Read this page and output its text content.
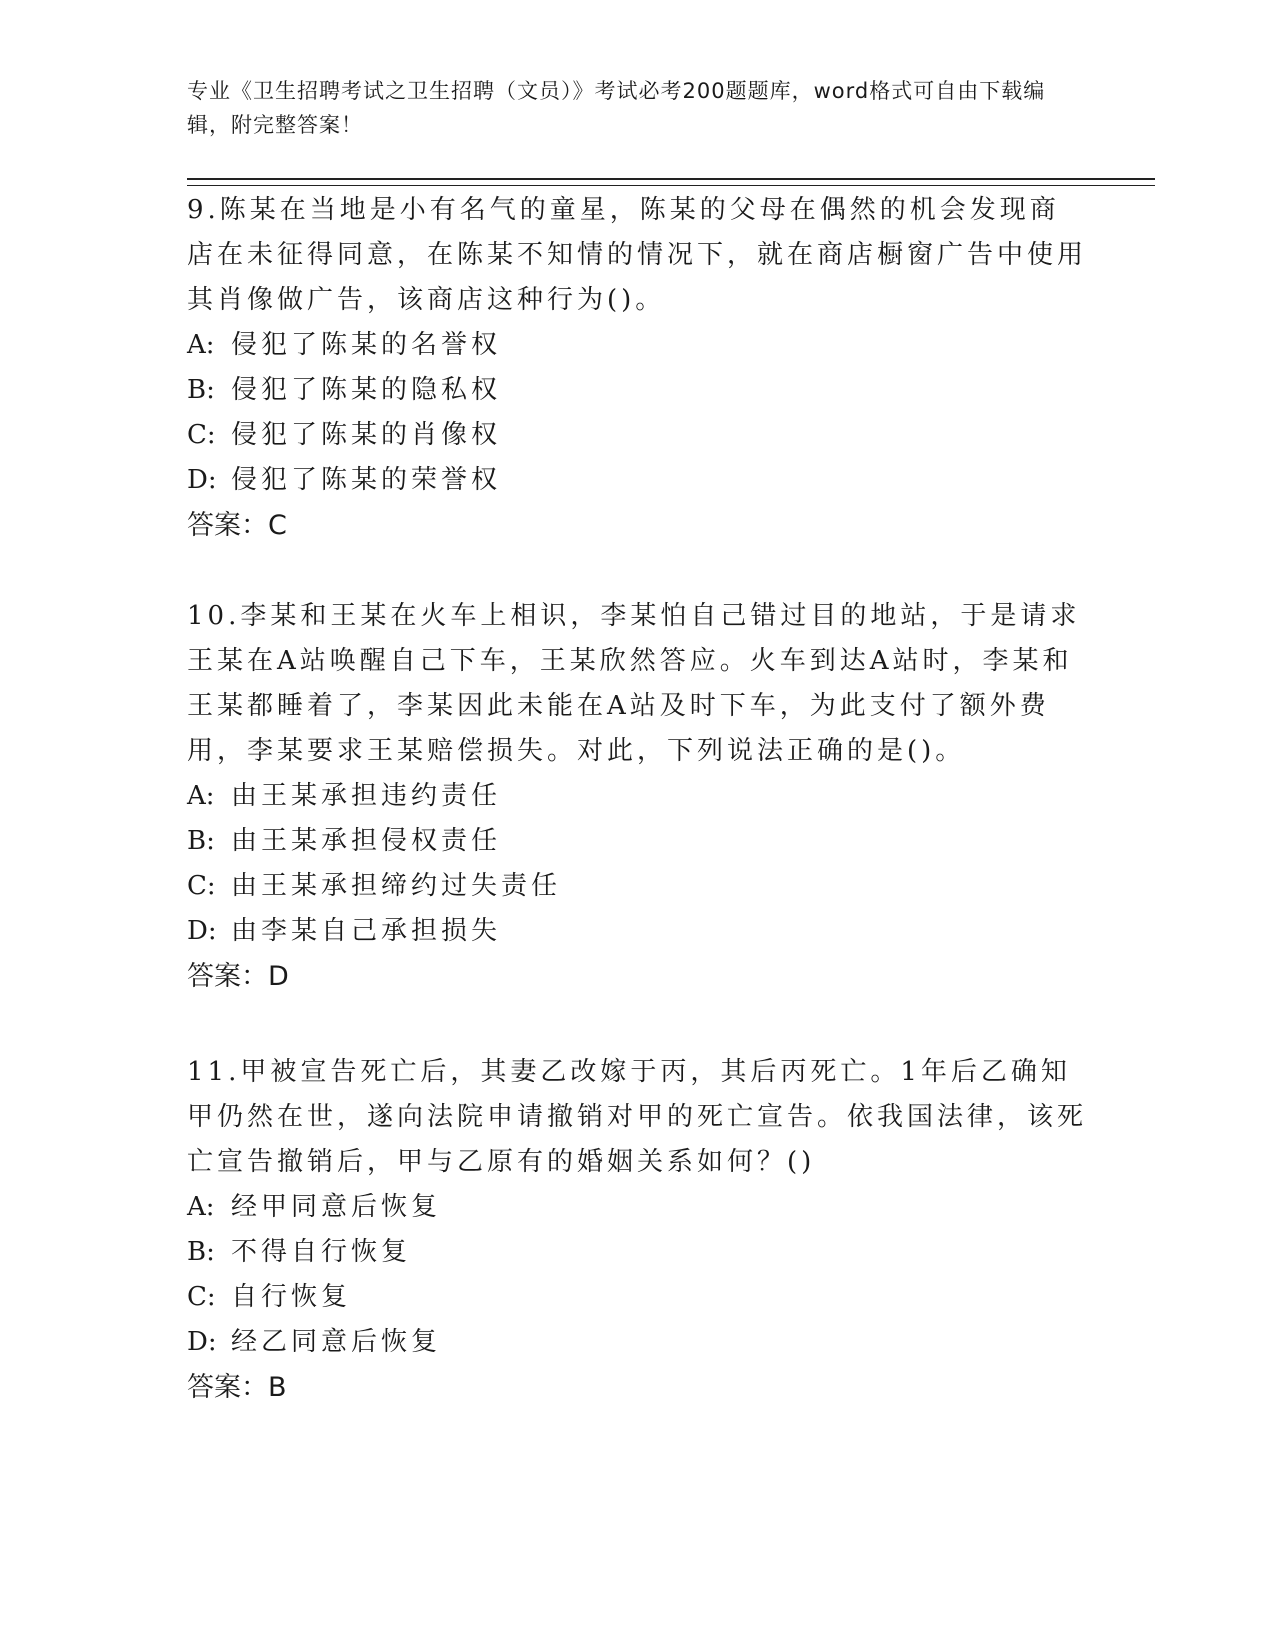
专业《卫生招聘考试之卫生招聘（文员）》考试必考200题题库，word格式可自由下载编辑，附完整答案！

9.陈某在当地是小有名气的童星，陈某的父母在偶然的机会发现商店在未征得同意，在陈某不知情的情况下，就在商店橱窗广告中使用其肖像做广告，该商店这种行为()。

A: 侵犯了陈某的名誉权

B: 侵犯了陈某的隐私权

C: 侵犯了陈某的肖像权

D: 侵犯了陈某的荣誉权

答案：C

10.李某和王某在火车上相识，李某怕自己错过目的地站，于是请求王某在A站唤醒自己下车，王某欣然答应。火车到达A站时，李某和王某都睡着了，李某因此未能在A站及时下车，为此支付了额外费用，李某要求王某赔偿损失。对此，下列说法正确的是()。

A: 由王某承担违约责任

B: 由王某承担侵权责任

C: 由王某承担缔约过失责任

D: 由李某自己承担损失

答案：D

11.甲被宣告死亡后，其妻乙改嫁于丙，其后丙死亡。1年后乙确知甲仍然在世，遂向法院申请撤销对甲的死亡宣告。依我国法律，该死亡宣告撤销后，甲与乙原有的婚姻关系如何？()

A: 经甲同意后恢复

B: 不得自行恢复

C: 自行恢复

D: 经乙同意后恢复

答案：B
